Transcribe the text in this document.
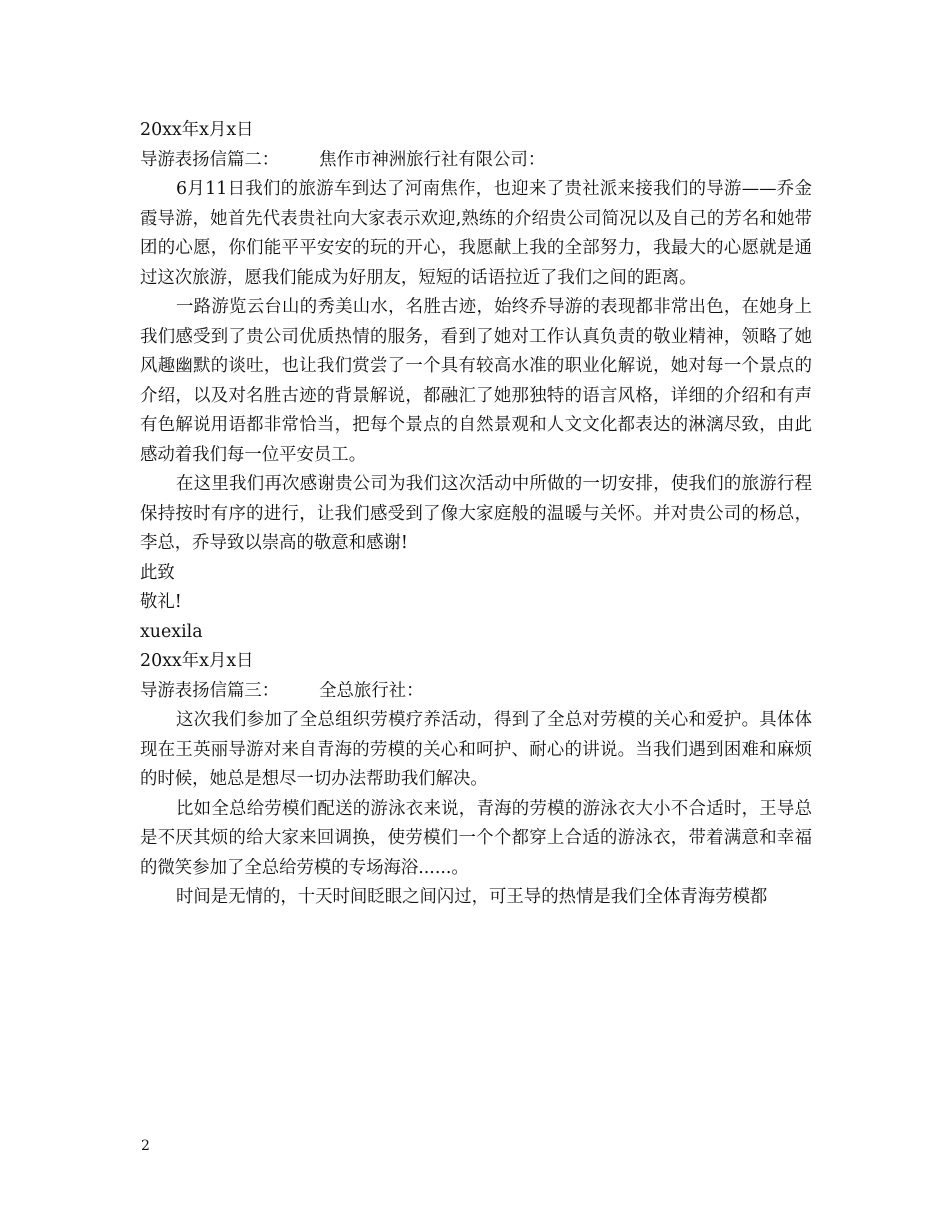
20xx年x月x日

导游表扬信篇二： 焦作市神洲旅行社有限公司：

6月11日我们的旅游车到达了河南焦作，也迎来了贵社派来接我们的导游——乔金霞导游，她首先代表贵社向大家表示欢迎,熟练的介绍贵公司简况以及自己的芳名和她带团的心愿，你们能平平安安的玩的开心，我愿献上我的全部努力，我最大的心愿就是通过这次旅游，愿我们能成为好朋友，短短的话语拉近了我们之间的距离。

一路游览云台山的秀美山水，名胜古迹，始终乔导游的表现都非常出色，在她身上我们感受到了贵公司优质热情的服务，看到了她对工作认真负责的敬业精神，领略了她风趣幽默的谈吐，也让我们赏尝了一个具有较高水准的职业化解说，她对每一个景点的介绍，以及对名胜古迹的背景解说，都融汇了她那独特的语言风格，详细的介绍和有声有色解说用语都非常恰当，把每个景点的自然景观和人文文化都表达的淋漓尽致，由此感动着我们每一位平安员工。

在这里我们再次感谢贵公司为我们这次活动中所做的一切安排，使我们的旅游行程保持按时有序的进行，让我们感受到了像大家庭般的温暖与关怀。并对贵公司的杨总，李总，乔导致以崇高的敬意和感谢!

此致

敬礼!

xuexila

20xx年x月x日

导游表扬信篇三： 全总旅行社：

这次我们参加了全总组织劳模疗养活动，得到了全总对劳模的关心和爱护。具体体现在王英丽导游对来自青海的劳模的关心和呵护、耐心的讲说。当我们遇到困难和麻烦的时候，她总是想尽一切办法帮助我们解决。

比如全总给劳模们配送的游泳衣来说，青海的劳模的游泳衣大小不合适时，王导总是不厌其烦的给大家来回调换，使劳模们一个个都穿上合适的游泳衣，带着满意和幸福的微笑参加了全总给劳模的专场海浴......。

时间是无情的，十天时间眨眼之间闪过，可王导的热情是我们全体青海劳模都

2
